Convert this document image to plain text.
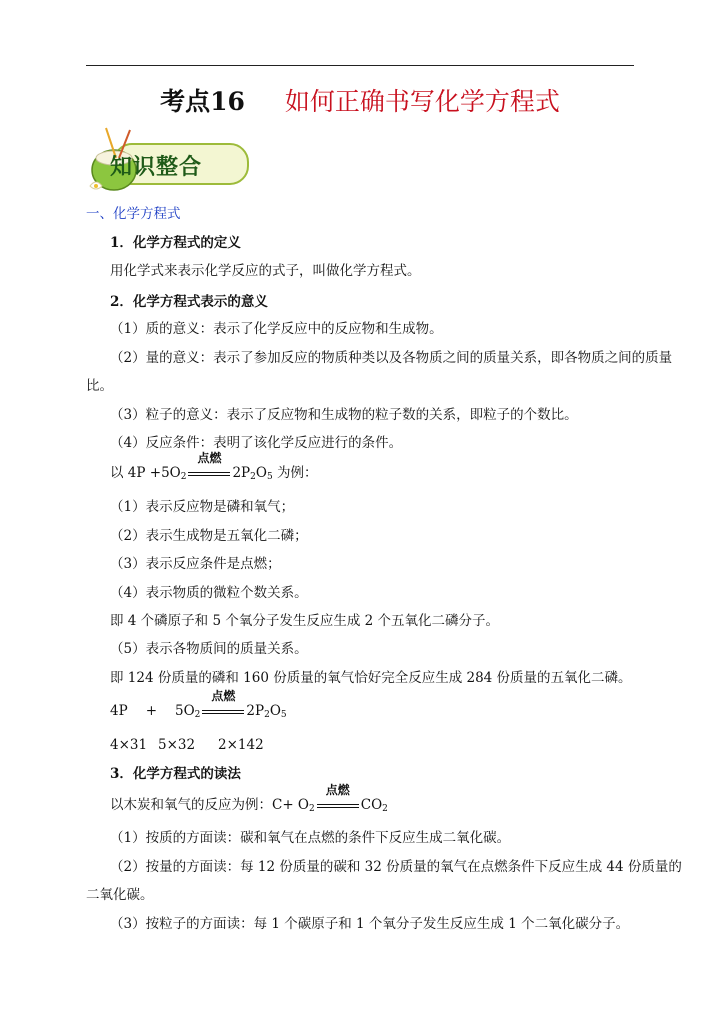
考点16 如何正确书写化学方程式
知识整合
一、化学方程式
1．化学方程式的定义
用化学式来表示化学反应的式子，叫做化学方程式。
2．化学方程式表示的意义
（1）质的意义：表示了化学反应中的反应物和生成物。
（2）量的意义：表示了参加反应的物质种类以及各物质之间的质量关系，即各物质之间的质量
比。
（3）粒子的意义：表示了反应物和生成物的粒子数的关系，即粒子的个数比。
（4）反应条件：表明了该化学反应进行的条件。
以 $4P +5O_2$
点燃
$2P_2O_5$ 为例：
（1）表示反应物是磷和氧气；
（2）表示生成物是五氧化二磷；
（3）表示反应条件是点燃；
（4）表示物质的微粒个数关系。
即 4 个磷原子和 5 个氧分子发生反应生成 2 个五氧化二磷分子。
（5）表示各物质间的质量关系。
即 124 份质量的磷和 160 份质量的氧气恰好完全反应生成 284 份质量的五氧化二磷。
$4P + 5O_2$
点燃
$2P_2O_5$
4×31 5×32 2×142
3．化学方程式的读法
以木炭和氧气的反应为例：$C+ O_2$
点燃
$CO_2$
（1）按质的方面读：碳和氧气在点燃的条件下反应生成二氧化碳。
（2）按量的方面读：每 12 份质量的碳和 32 份质量的氧气在点燃条件下反应生成 44 份质量的
二氧化碳。
（3）按粒子的方面读：每 1 个碳原子和 1 个氧分子发生反应生成 1 个二氧化碳分子。
